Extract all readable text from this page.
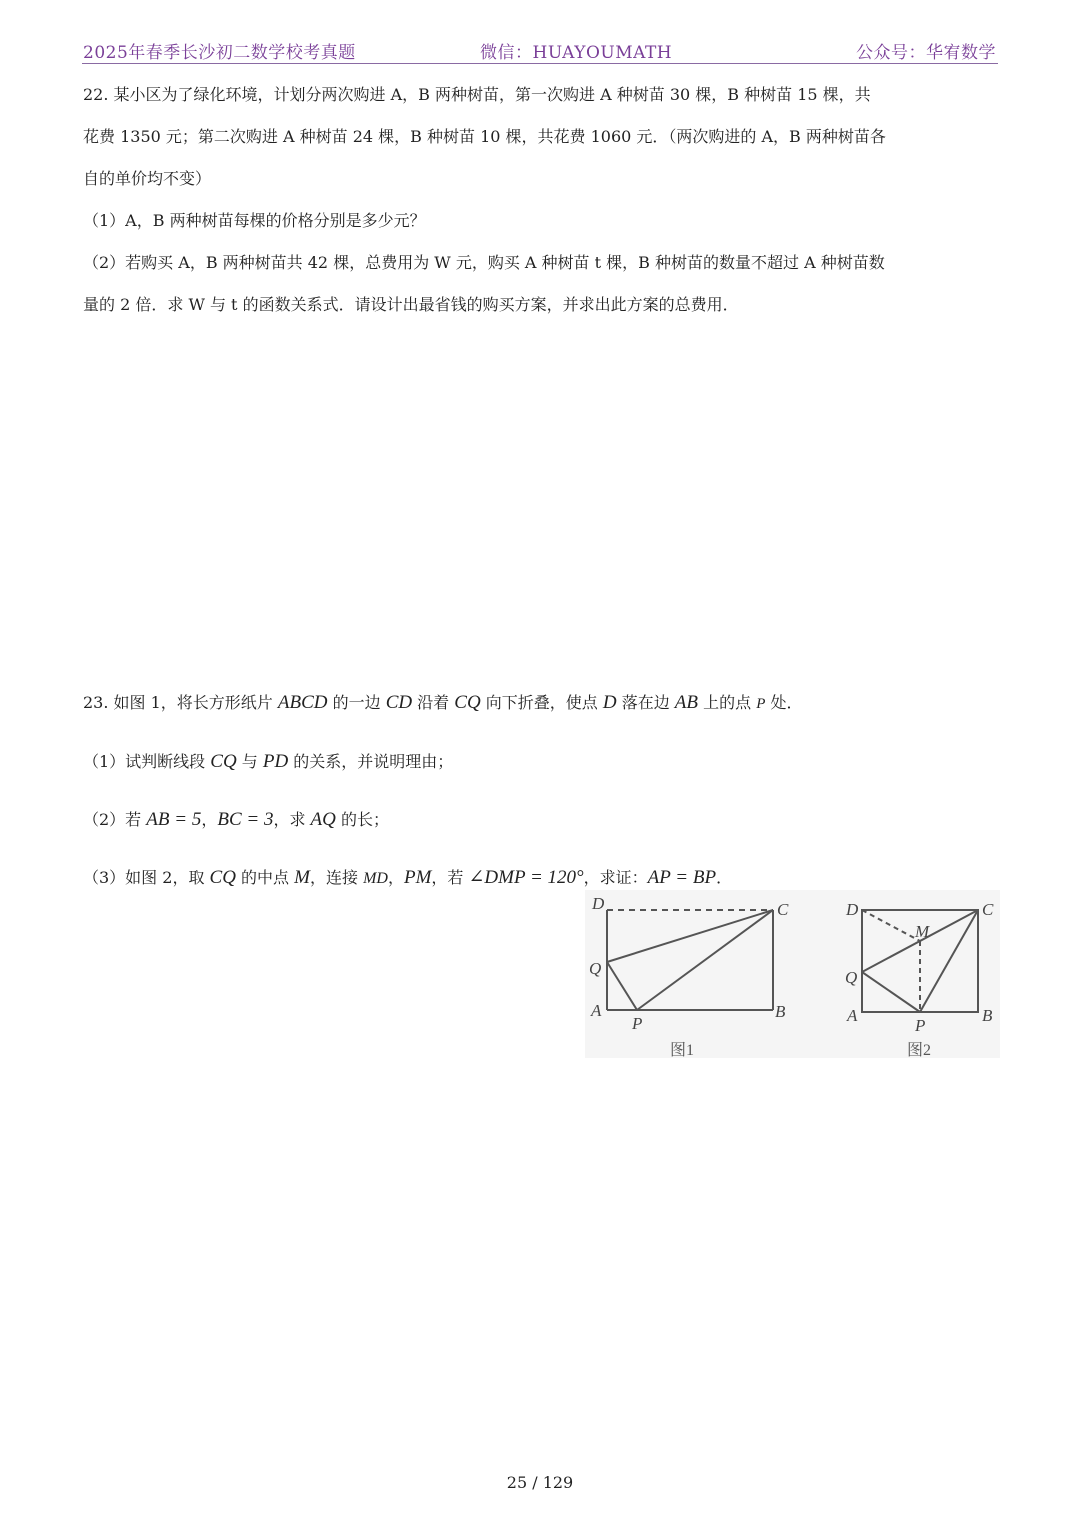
2025年春季长沙初二数学校考真题	微信：HUAYOUMATH	公众号：华宥数学

22. 某小区为了绿化环境，计划分两次购进 A，B 两种树苗，第一次购进 A 种树苗 30 棵，B 种树苗 15 棵，共

花费 1350 元；第二次购进 A 种树苗 24 棵，B 种树苗 10 棵，共花费 1060 元．（两次购进的 A，B 两种树苗各

自的单价均不变）

（1）A，B 两种树苗每棵的价格分别是多少元？

（2）若购买 A，B 两种树苗共 42 棵，总费用为 W 元，购买 A 种树苗 t 棵，B 种树苗的数量不超过 A 种树苗数

量的 2 倍．求 W 与 t 的函数关系式．请设计出最省钱的购买方案，并求出此方案的总费用．

23. 如图 1，将长方形纸片 ABCD 的一边 CD 沿着 CQ 向下折叠，使点 D 落在边 AB 上的点 P 处．

（1）试判断线段 CQ 与 PD 的关系，并说明理由；

（2）若 AB = 5，BC = 3，求 AQ 的长；

（3）如图 2，取 CQ 的中点 M，连接 MD，PM，若 ∠DMP = 120°，求证：AP = BP．

D	C
Q
A
P
B
图1
D	C
M
Q
A
P
B
图2
25 / 129
